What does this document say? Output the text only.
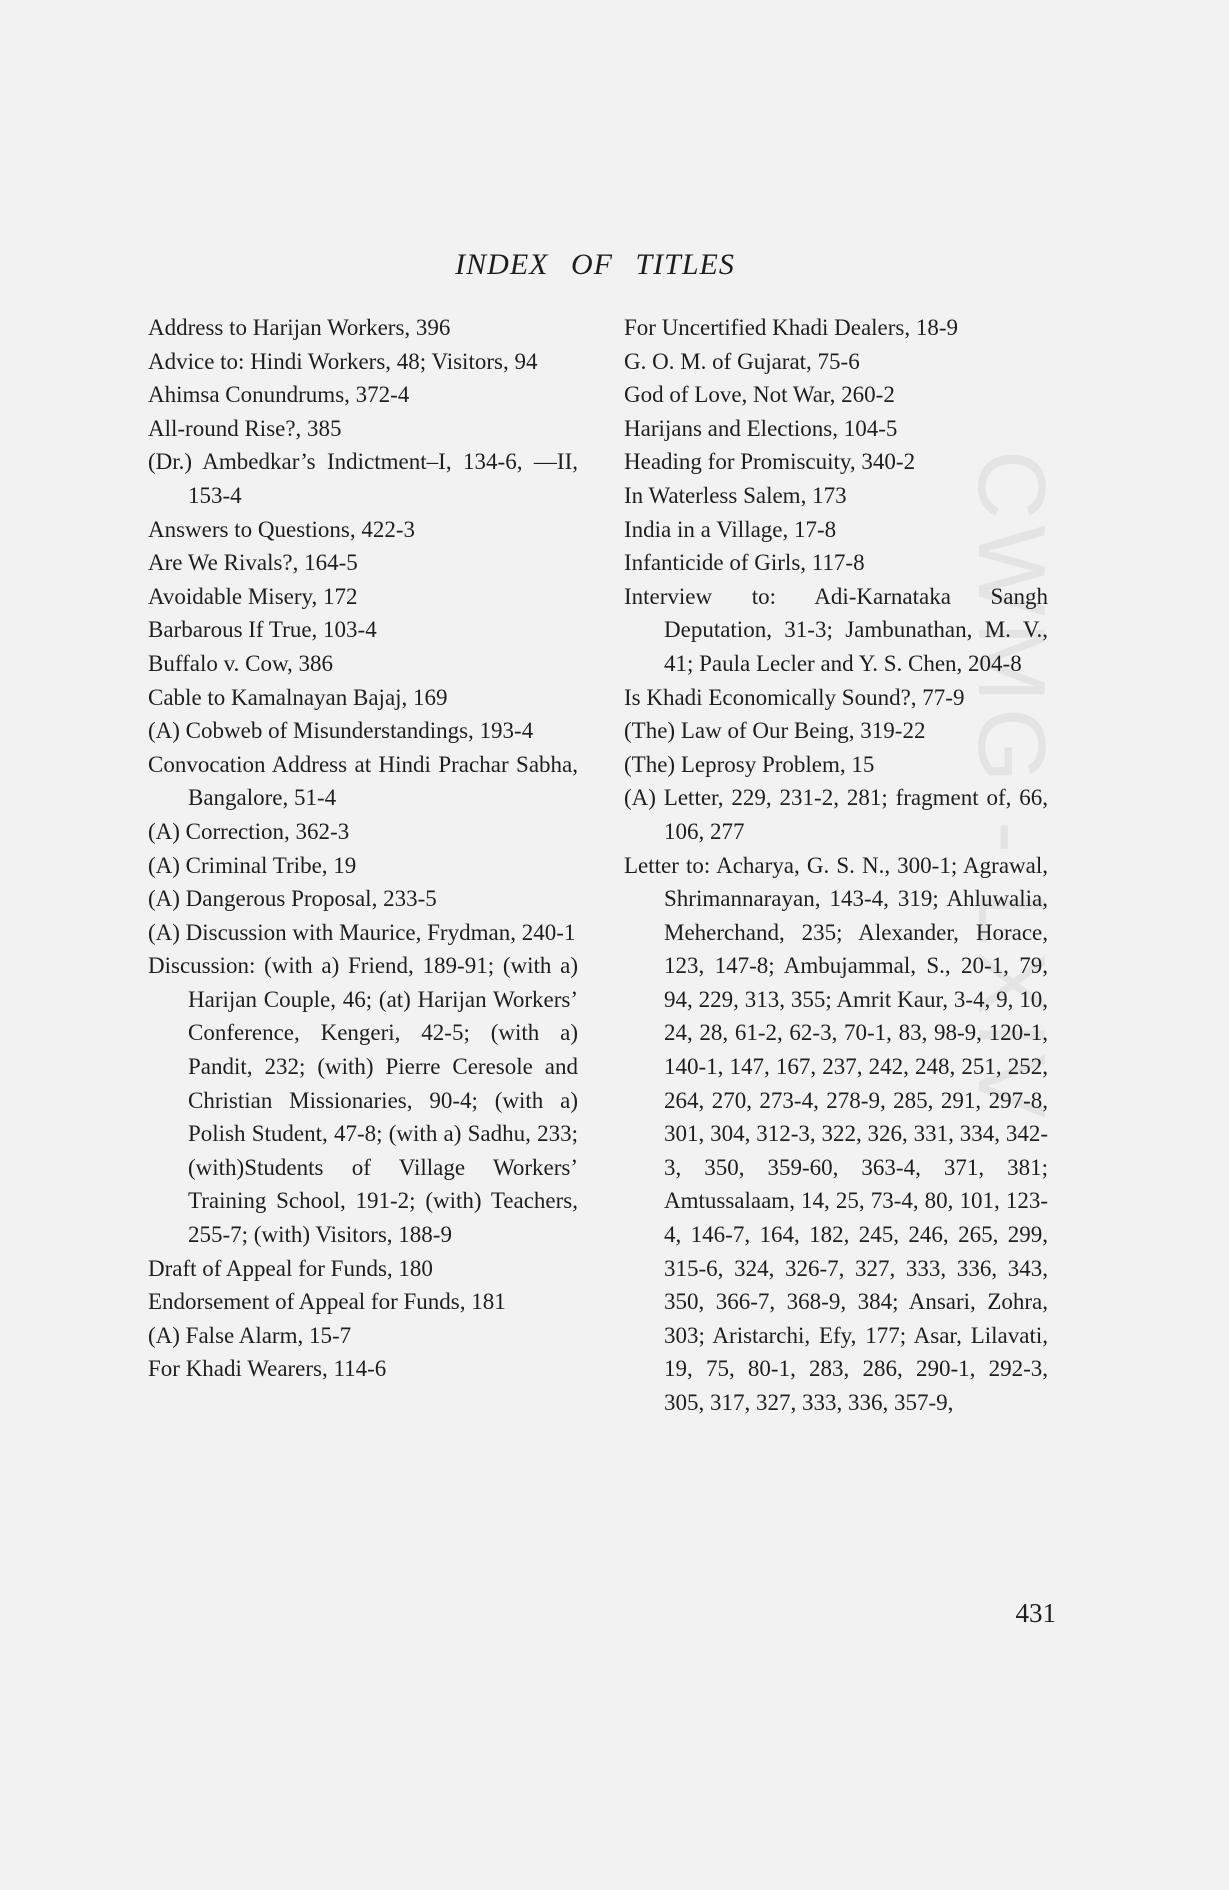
CWMG - LXIV
INDEX OF TITLES
Address to Harijan Workers, 396
Advice to: Hindi Workers, 48; Visitors, 94
Ahimsa Conundrums, 372-4
All-round Rise?, 385
(Dr.) Ambedkar’s Indictment–I, 134-6, —II, 153-4
Answers to Questions, 422-3
Are We Rivals?, 164-5
Avoidable Misery, 172
Barbarous If True, 103-4
Buffalo v. Cow, 386
Cable to Kamalnayan Bajaj, 169
(A) Cobweb of Misunderstandings, 193-4
Convocation Address at Hindi Prachar Sabha, Bangalore, 51-4
(A) Correction, 362-3
(A) Criminal Tribe, 19
(A) Dangerous Proposal, 233-5
(A) Discussion with Maurice, Frydman, 240-1
Discussion: (with a) Friend, 189-91; (with a) Harijan Couple, 46; (at) Harijan Workers’ Conference, Kengeri, 42-5; (with a) Pandit, 232; (with) Pierre Ceresole and Christian Missionaries, 90-4; (with a) Polish Student, 47-8; (with a) Sadhu, 233; (with)Students of Village Workers’ Training School, 191-2; (with) Teachers, 255-7; (with) Visitors, 188-9
Draft of Appeal for Funds, 180
Endorsement of Appeal for Funds, 181
(A) False Alarm, 15-7
For Khadi Wearers, 114-6
For Uncertified Khadi Dealers, 18-9
G. O. M. of Gujarat, 75-6
God of Love, Not War, 260-2
Harijans and Elections, 104-5
Heading for Promiscuity, 340-2
In Waterless Salem, 173
India in a Village, 17-8
Infanticide of Girls, 117-8
Interview to: Adi-Karnataka Sangh Deputation, 31-3; Jambunathan, M. V., 41; Paula Lecler and Y. S. Chen, 204-8
Is Khadi Economically Sound?, 77-9
(The) Law of Our Being, 319-22
(The) Leprosy Problem, 15
(A) Letter, 229, 231-2, 281; fragment of, 66, 106, 277
Letter to: Acharya, G. S. N., 300-1; Agrawal, Shrimannarayan, 143-4, 319; Ahluwalia, Meherchand, 235; Alexander, Horace, 123, 147-8; Ambujammal, S., 20-1, 79, 94, 229, 313, 355; Amrit Kaur, 3-4, 9, 10, 24, 28, 61-2, 62-3, 70-1, 83, 98-9, 120-1, 140-1, 147, 167, 237, 242, 248, 251, 252, 264, 270, 273-4, 278-9, 285, 291, 297-8, 301, 304, 312-3, 322, 326, 331, 334, 342-3, 350, 359-60, 363-4, 371, 381; Amtussalaam, 14, 25, 73-4, 80, 101, 123-4, 146-7, 164, 182, 245, 246, 265, 299, 315-6, 324, 326-7, 327, 333, 336, 343, 350, 366-7, 368-9, 384; Ansari, Zohra, 303; Aristarchi, Efy, 177; Asar, Lilavati, 19, 75, 80-1, 283, 286, 290-1, 292-3, 305, 317, 327, 333, 336, 357-9,
431
